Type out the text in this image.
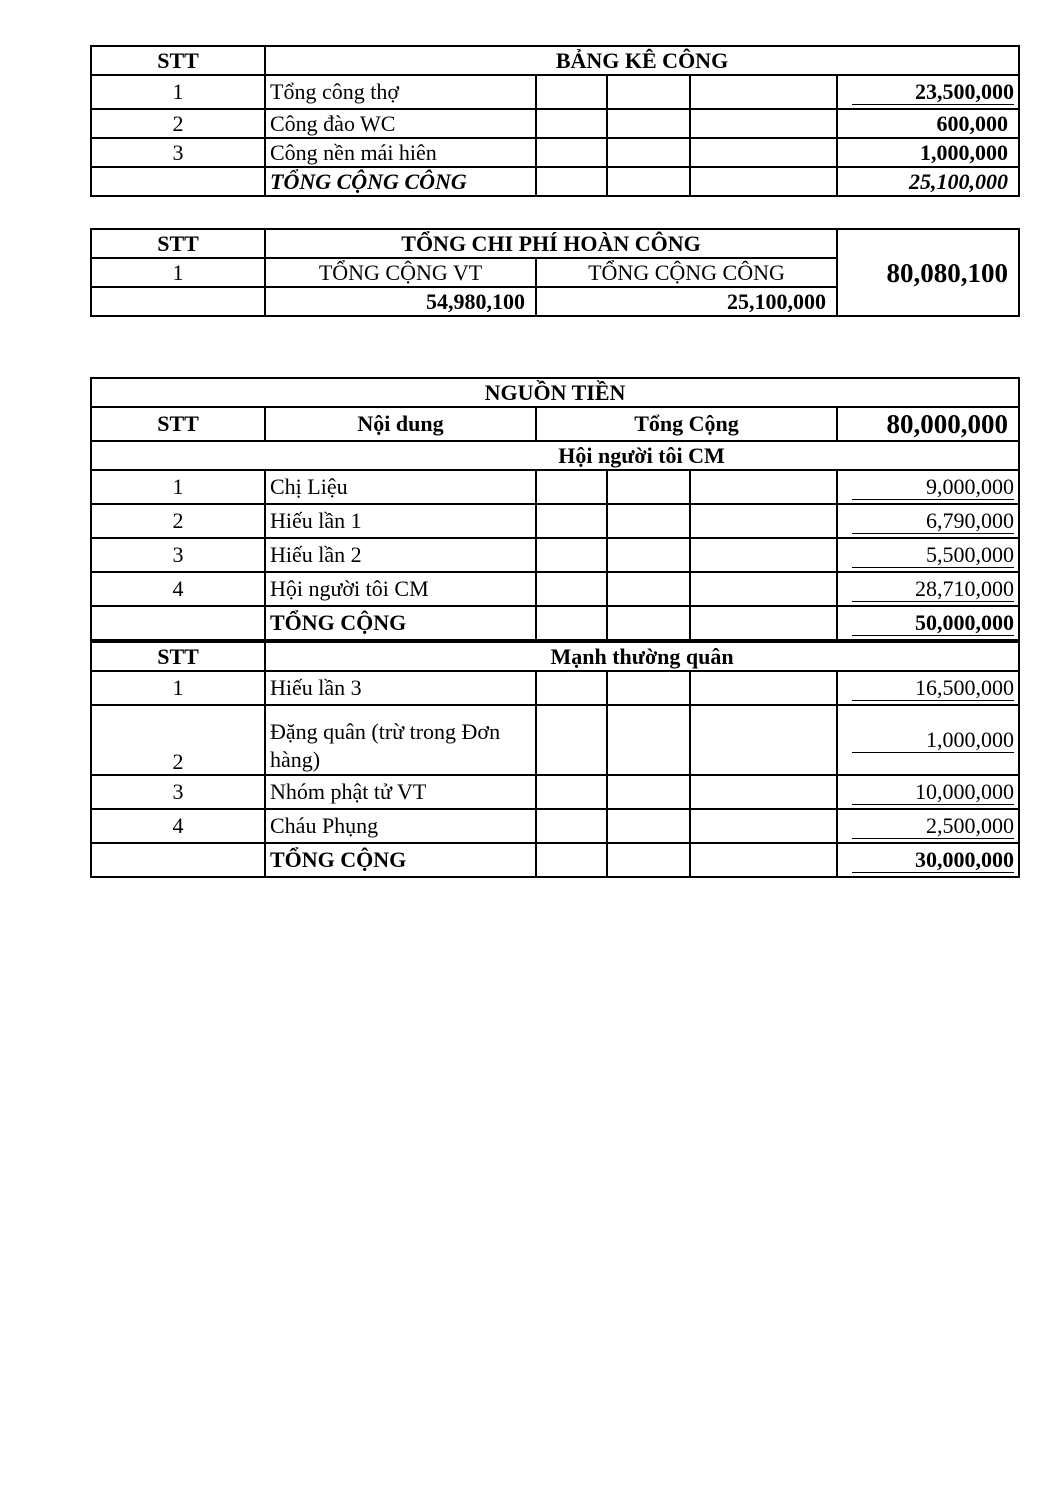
STT	BẢNG KÊ CÔNG				
1	Tổng công thợ				23,500,000

2	Công đào WC				600,000
3	Công nền mái hiên				1,000,000
	TỔNG CỘNG CÔNG				25,100,000
STT	TỔNG CHI PHÍ HOÀN CÔNG		80,080,100
1	TỔNG CỘNG VT	TỔNG CỘNG CÔNG	
	54,980,100	25,100,000	
NGUỒN TIỀN					
STT	Nội dung	Tổng Cộng			80,000,000
	Hội người tôi CM				
1	Chị Liệu				9,000,000

2	Hiếu lần 1				6,790,000

3	Hiếu lần 2				5,500,000

4	Hội người tôi CM				28,710,000

	TỔNG CỘNG				50,000,000

STT	Mạnh thường quân				
1	Hiếu lần 3				16,500,000

2	Đặng quân (trừ trong Đơn hàng)				1,000,000

3	Nhóm phật tử VT				10,000,000

4	Cháu Phụng				2,500,000

	TỔNG CỘNG				30,000,000
